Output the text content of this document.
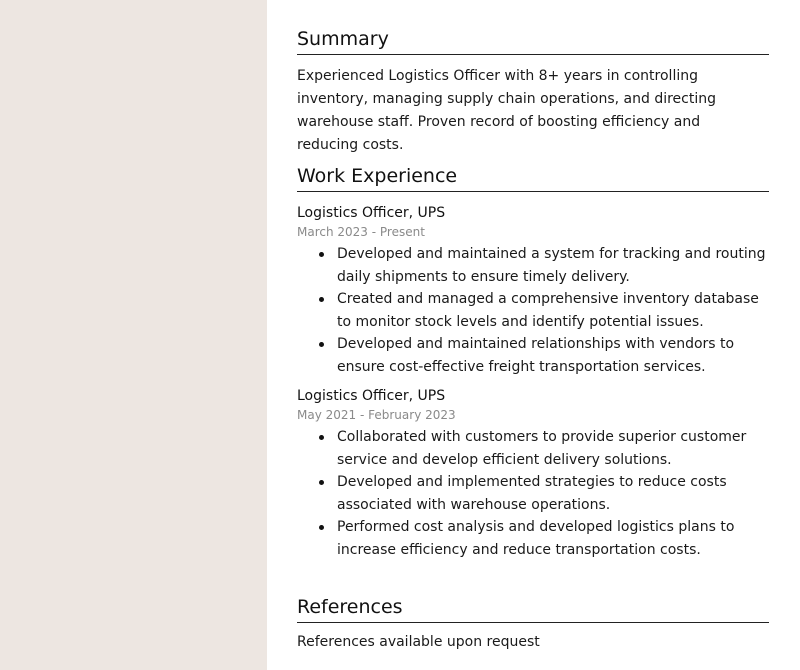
Summary

Experienced Logistics Officer with 8+ years in controlling inventory, managing supply chain operations, and directing warehouse staff. Proven record of boosting efficiency and reducing costs.

Work Experience

Logistics Officer, UPS

March 2023 - Present

Developed and maintained a system for tracking and routing daily shipments to ensure timely delivery.
Created and managed a comprehensive inventory database to monitor stock levels and identify potential issues.
Developed and maintained relationships with vendors to ensure cost-effective freight transportation services.

Logistics Officer, UPS

May 2021 - February 2023

Collaborated with customers to provide superior customer service and develop efficient delivery solutions.
Developed and implemented strategies to reduce costs associated with warehouse operations.
Performed cost analysis and developed logistics plans to increase efficiency and reduce transportation costs.
References

References available upon request
